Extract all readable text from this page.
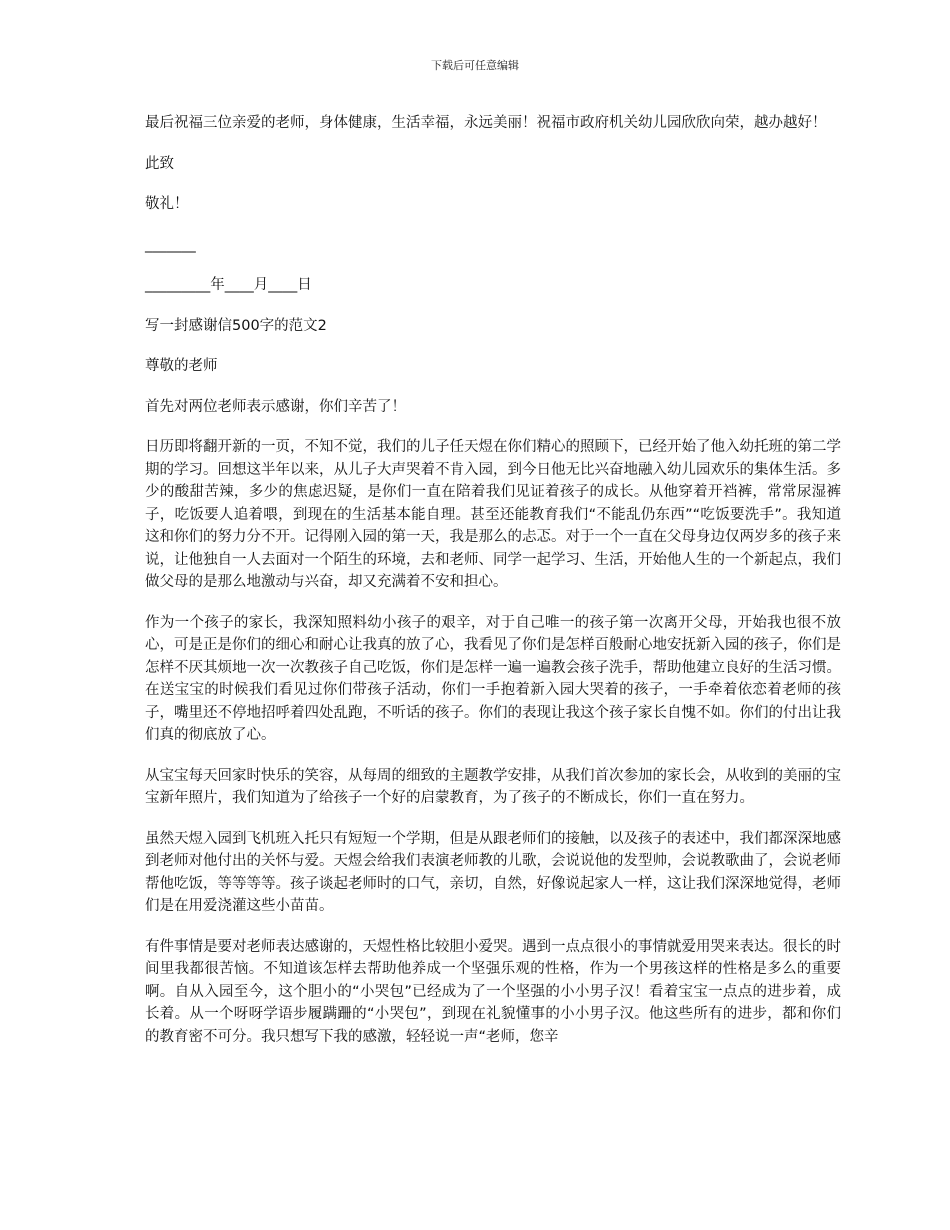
下载后可任意编辑

最后祝福三位亲爱的老师，身体健康，生活幸福，永远美丽！祝福市政府机关幼儿园欣欣向荣，越办越好！

此致

敬礼！

_______

_________年____月____日

写一封感谢信500字的范文2

尊敬的老师

首先对两位老师表示感谢，你们辛苦了！

日历即将翻开新的一页，不知不觉，我们的儿子任天煜在你们精心的照顾下，已经开始了他入幼托班的第二学期的学习。回想这半年以来，从儿子大声哭着不肯入园，到今日他无比兴奋地融入幼儿园欢乐的集体生活。多少的酸甜苦辣，多少的焦虑迟疑，是你们一直在陪着我们见证着孩子的成长。从他穿着开裆裤，常常尿湿裤子，吃饭要人追着喂，到现在的生活基本能自理。甚至还能教育我们“不能乱仍东西”“吃饭要洗手”。我知道这和你们的努力分不开。记得刚入园的第一天，我是那么的忐忑。对于一个一直在父母身边仅两岁多的孩子来说，让他独自一人去面对一个陌生的环境，去和老师、同学一起学习、生活，开始他人生的一个新起点，我们做父母的是那么地激动与兴奋，却又充满着不安和担心。

作为一个孩子的家长，我深知照料幼小孩子的艰辛，对于自己唯一的孩子第一次离开父母，开始我也很不放心，可是正是你们的细心和耐心让我真的放了心，我看见了你们是怎样百般耐心地安抚新入园的孩子，你们是怎样不厌其烦地一次一次教孩子自己吃饭，你们是怎样一遍一遍教会孩子洗手，帮助他建立良好的生活习惯。在送宝宝的时候我们看见过你们带孩子活动，你们一手抱着新入园大哭着的孩子，一手牵着依恋着老师的孩子，嘴里还不停地招呼着四处乱跑，不听话的孩子。你们的表现让我这个孩子家长自愧不如。你们的付出让我们真的彻底放了心。

从宝宝每天回家时快乐的笑容，从每周的细致的主题教学安排，从我们首次参加的家长会，从收到的美丽的宝宝新年照片，我们知道为了给孩子一个好的启蒙教育，为了孩子的不断成长，你们一直在努力。

虽然天煜入园到飞机班入托只有短短一个学期，但是从跟老师们的接触，以及孩子的表述中，我们都深深地感到老师对他付出的关怀与爱。天煜会给我们表演老师教的儿歌，会说说他的发型帅，会说教歌曲了，会说老师帮他吃饭，等等等等。孩子谈起老师时的口气，亲切，自然，好像说起家人一样，这让我们深深地觉得，老师们是在用爱浇灌这些小苗苗。

有件事情是要对老师表达感谢的，天煜性格比较胆小爱哭。遇到一点点很小的事情就爱用哭来表达。很长的时间里我都很苦恼。不知道该怎样去帮助他养成一个坚强乐观的性格，作为一个男孩这样的性格是多么的重要啊。自从入园至今，这个胆小的“小哭包”已经成为了一个坚强的小小男子汉！看着宝宝一点点的进步着，成长着。从一个呀呀学语步履蹒跚的“小哭包”，到现在礼貌懂事的小小男子汉。他这些所有的进步，都和你们的教育密不可分。我只想写下我的感激，轻轻说一声“老师，您辛
